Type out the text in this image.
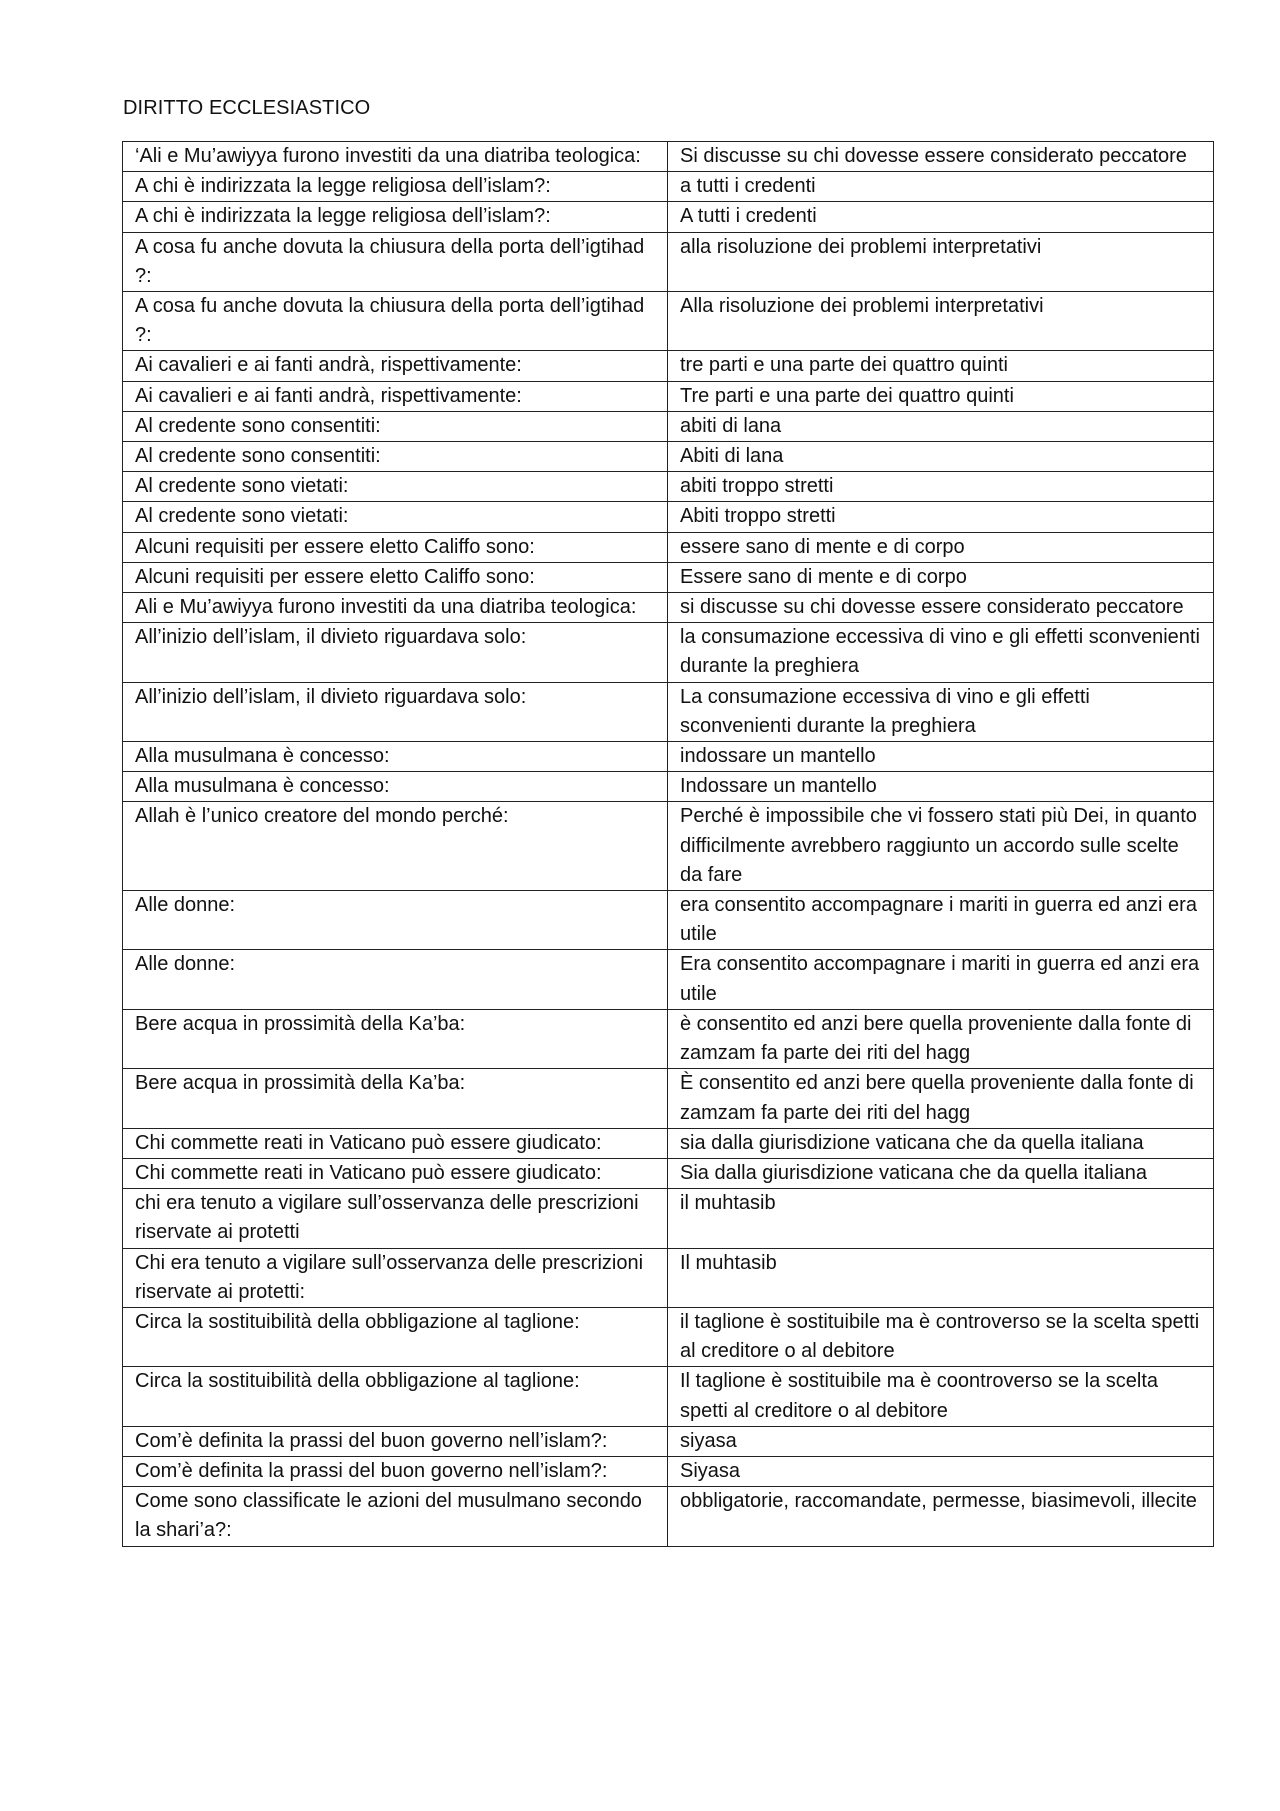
DIRITTO ECCLESIASTICO
‘Ali e Mu’awiyya furono investiti da una diatriba teologica:	Si discusse su chi dovesse essere considerato peccatore
A chi è indirizzata la legge religiosa dell’islam?:	a tutti i credenti
A chi è indirizzata la legge religiosa dell’islam?:	A tutti i credenti
A cosa fu anche dovuta la chiusura della porta dell’igtihad ?:	alla risoluzione dei problemi interpretativi
A cosa fu anche dovuta la chiusura della porta dell’igtihad ?:	Alla risoluzione dei problemi interpretativi
Ai cavalieri e ai fanti andrà, rispettivamente:	tre parti e una parte dei quattro quinti
Ai cavalieri e ai fanti andrà, rispettivamente:	Tre parti e una parte dei quattro quinti
Al credente sono consentiti:	abiti di lana
Al credente sono consentiti:	Abiti di lana
Al credente sono vietati:	abiti troppo stretti
Al credente sono vietati:	Abiti troppo stretti
Alcuni requisiti per essere eletto Califfo sono:	essere sano di mente e di corpo
Alcuni requisiti per essere eletto Califfo sono:	Essere sano di mente e di corpo
Ali e Mu’awiyya furono investiti da una diatriba teologica:	si discusse su chi dovesse essere considerato peccatore
All’inizio dell’islam, il divieto riguardava solo:	la consumazione eccessiva di vino e gli effetti sconvenienti durante la preghiera
All’inizio dell’islam, il divieto riguardava solo:	La consumazione eccessiva di vino e gli effetti sconvenienti durante la preghiera
Alla musulmana è concesso:	indossare un mantello
Alla musulmana è concesso:	Indossare un mantello
Allah è l’unico creatore del mondo perché:	Perché è impossibile che vi fossero stati più Dei, in quanto difficilmente avrebbero raggiunto un accordo sulle scelte da fare
Alle donne:	era consentito accompagnare i mariti in guerra ed anzi era utile
Alle donne:	Era consentito accompagnare i mariti in guerra ed anzi era utile
Bere acqua in prossimità della Ka’ba:	è consentito ed anzi bere quella proveniente dalla fonte di zamzam fa parte dei riti del hagg
Bere acqua in prossimità della Ka’ba:	È consentito ed anzi bere quella proveniente dalla fonte di zamzam fa parte dei riti del hagg
Chi commette reati in Vaticano può essere giudicato:	sia dalla giurisdizione vaticana che da quella italiana
Chi commette reati in Vaticano può essere giudicato:	Sia dalla giurisdizione vaticana che da quella italiana
chi era tenuto a vigilare sull’osservanza delle prescrizioni riservate ai protetti	il muhtasib
Chi era tenuto a vigilare sull’osservanza delle prescrizioni riservate ai protetti:	Il muhtasib
Circa la sostituibilità della obbligazione al taglione:	il taglione è sostituibile ma è controverso se la scelta spetti al creditore o al debitore
Circa la sostituibilità della obbligazione al taglione:	Il taglione è sostituibile ma è coontroverso se la scelta spetti al creditore o al debitore
Com’è definita la prassi del buon governo nell’islam?:	siyasa
Com’è definita la prassi del buon governo nell’islam?:	Siyasa
Come sono classificate le azioni del musulmano secondo la shari’a?:	obbligatorie, raccomandate, permesse, biasimevoli, illecite
